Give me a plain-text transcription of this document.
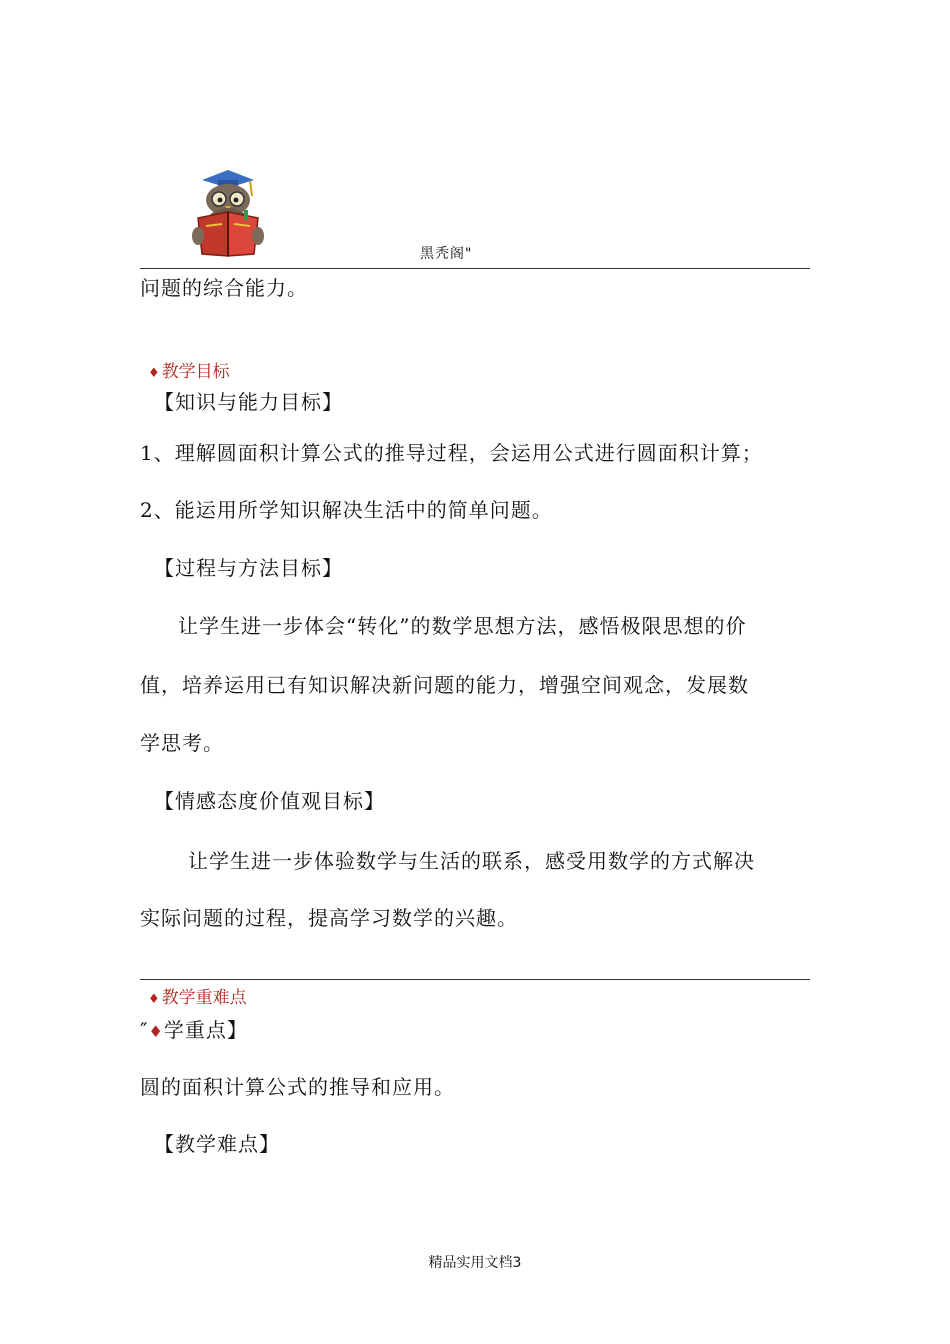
黑秃阁"
问题的综合能力。
♦ 教学目标
【知识与能力目标】
1、理解圆面积计算公式的推导过程，会运用公式进行圆面积计算；
2、能运用所学知识解决生活中的简单问题。
【过程与方法目标】
让学生进一步体会“转化”的数学思想方法，感悟极限思想的价
值，培养运用已有知识解决新问题的能力，增强空间观念，发展数
学思考。
【情感态度价值观目标】
让学生进一步体验数学与生活的联系，感受用数学的方式解决
实际问题的过程，提高学习数学的兴趣。
♦ 教学重难点
″♦学重点】
圆的面积计算公式的推导和应用。
【教学难点】
精品实用文档3
